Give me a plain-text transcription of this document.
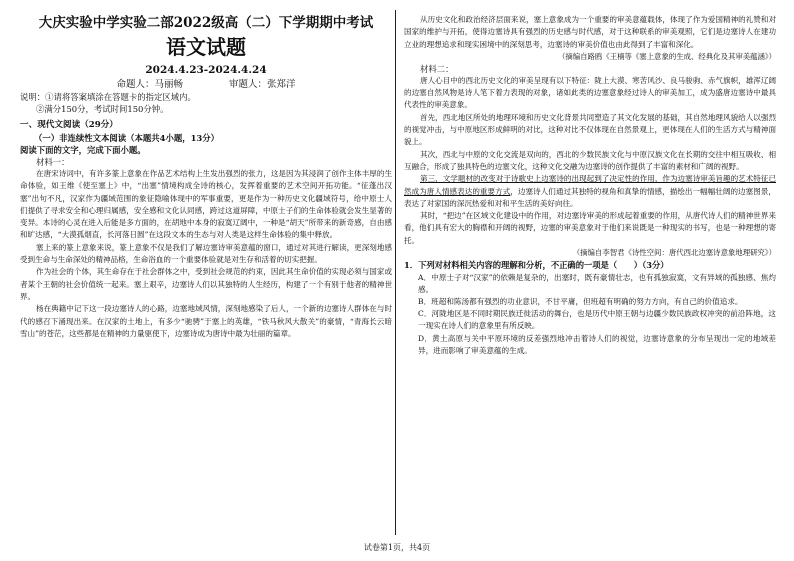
大庆实验中学实验二部2022级高（二）下学期期中考试

语文试题

2024.4.23-2024.4.24

命题人：马丽畅	审题人：张郑洋

说明：①请将答案填涂在答题卡的指定区域内。

②满分150分，考试时间150分钟。

一、现代文阅读（29分）

（一）非连续性文本阅读（本题共4小题，13分）

阅读下面的文字，完成下面小题。

材料一：

在唐宋诗词中，有许多篆上意象在作品艺术结构上生发出强烈的张力，这是因为其浸润了创作主体丰厚的生命体验，如王维《使至塞上》中，“出塞”情境构成全诗的核心，发挥着重要的艺术空间开拓功能。“征蓬出汉塞”出句不凡，汉家作为疆域范围的象征隐喻体现中的军事重要，更是作为一种历史文化疆域符号，给中原士人们提供了寻求安全和心理归属感，安全感和文化认同感，跨过这道屏障，中原士子们的生命体验就会发生显著的变异。本诗的心灵在进入后能是多方面的，在胡地中本身的寂寞辽阔中，一种是“胡天”所带来的新奇感，自由感和旷达感，“大漠孤烟直，长河落日圆”在这段文本的生态与对人类是这样生命体验的集中释放。

塞上来的篆上意象来说，篆上意象不仅是我们了解边塞诗审美意蕴的窗口，通过对其进行解读，更深刻地感受到生命与生命深处的精神品格，生命浴血的一个重要体验就是对生存和活着的切实把握。

作为社会的个体，其生命存在于社会群体之中，受到社会规范的约束，因此其生命价值的实现必须与国家或者某个王朝的社会价值统一起来。塞上艰辛，边塞诗人们以其独特的人生经历，构建了一个有别于他者的精神世界。

杨在典籍中记下这一段边塞诗人的心路，边塞地域风情，深刻地感染了后人，一个新的边塞诗人群体在与时代的感召下涌现出来。在汉家的土地上，有多少“驰骋”于塞上的英雄，“铁马秋风大散关”的豪情，“青海长云暗雪山”的苍茫，这些都是在精神的力量驱使下，边塞诗成为唐诗中最为壮丽的篇章。

从历史文化和政治经济层面来说，塞上意象成为一个重要的审美意蕴载体，体现了作为爱国精神的礼赞和对国家的维护与开拓，使得边塞诗具有强烈的历史感与时代感，对于这种联系的审美观照，它们是边塞诗人在建功立业的理想追求和现实困境中的深刻思考，边塞诗的审美价值也由此得到了丰富和深化。

（摘编自路鸥《王楠等《塞上意象的生成、经典化及其审美蕴涵》）

材料二：

唐人心目中的西北历史文化的审美呈现有以下特征：陇上大漠、寒苦风沙、良马骏驹、赤气旗帜，雄浑辽阔的边塞自然风物是诗人笔下着力表现的对象，诸如此类的边塞意象经过诗人的审美加工，成为盛唐边塞诗中最具代表性的审美意象。

首先，西北地区所处的地理环境和历史文化背景共同塑造了其文化发展的基础，其自然地理风貌给人以强烈的视觉冲击，与中原地区形成鲜明的对比，这种对比不仅体现在自然景观上，更体现在人们的生活方式与精神面貌上。

其次，西北与中原的文化交流是双向的，西北的少数民族文化与中原汉族文化在长期的交往中相互吸收、相互融合，形成了独具特色的边塞文化，这种文化交融为边塞诗的创作提供了丰富的素材和广阔的视野。

第三，文学题材的改变对于诗歌史上边塞诗的出现起到了决定性的作用，作为边塞诗审美旨趣的艺术特征已然成为唐人情感表达的重要方式，边塞诗人们通过其独特的视角和真挚的情感，描绘出一幅幅壮阔的边塞图景，表达了对家国的深沉热爱和对和平生活的美好向往。

其时，“把边”在区域文化建设中的作用，对边塞诗审美的形成起着重要的作用，从唐代诗人们的精神世界来看，他们具有宏大的胸襟和开阔的视野，边塞的审美意象对于他们来说既是一种现实的书写，也是一种理想的寄托。

（摘编自李智君《诗性空间：唐代西北边塞诗意象地理研究》）

1．下列对材料相关内容的理解和分析，不正确的一项是（　　）（3分）

A．中原士子对“汉家”的依赖是复杂的，出塞时，既有豪情壮志，也有孤独寂寞，文有异域的孤独感、焦灼感。

B．班超和陈汤都有强烈的功业意识，不甘平庸，但班超有明确的努力方向，有自己的价值追求。

C．河陇地区是不同时期民族迁徙活动的舞台，也是历代中原王朝与边疆少数民族政权冲突的前沿阵地，这一现实在诗人们的意象里有所反映。

D．黄土高原与关中平原环境的反差强烈地冲击着诗人们的视觉，边塞诗意象的分布呈现出一定的地域差异，进而影响了审美意蕴的生成。

试卷第1页，共4页
